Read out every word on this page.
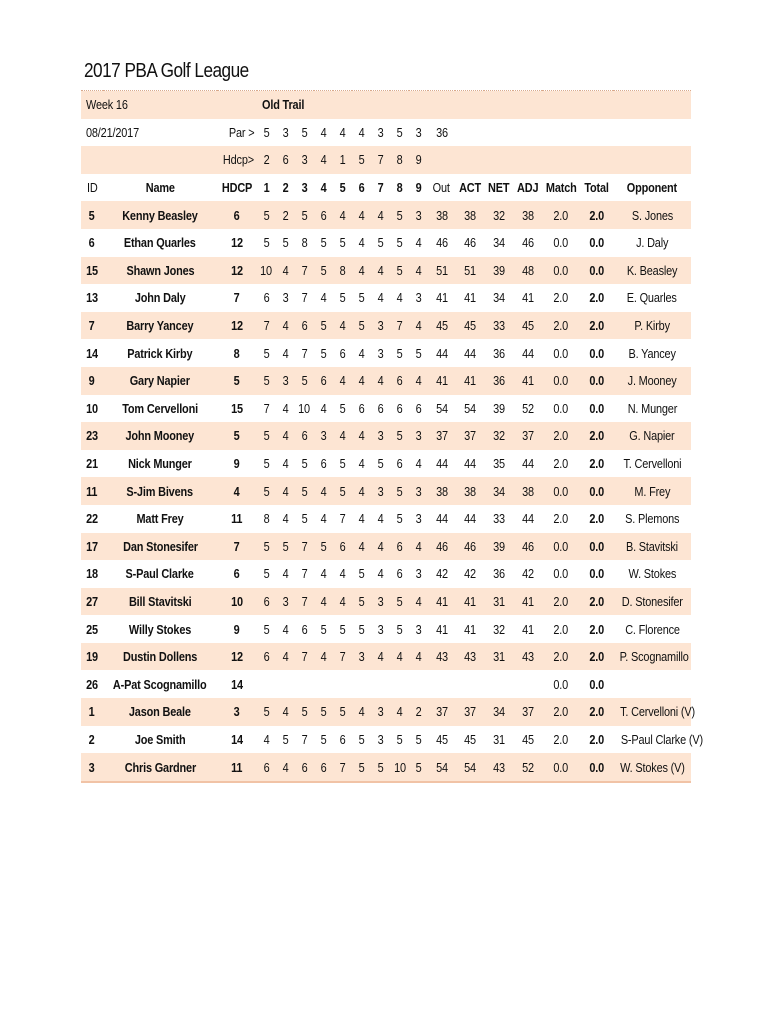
2017 PBA Golf League
Week 16			Old Trail															
08/21/2017		Par >	5	3	5	4	4	4	3	5	3	36						
		Hdcp>	2	6	3	4	1	5	7	8	9							
ID	Name	HDCP	1	2	3	4	5	6	7	8	9	Out	ACT	NET	ADJ	Match	Total	Opponent
5	Kenny Beasley	6	5	2	5	6	4	4	4	5	3	38	38	32	38	2.0	2.0	S. Jones
6	Ethan Quarles	12	5	5	8	5	5	4	5	5	4	46	46	34	46	0.0	0.0	J. Daly
15	Shawn Jones	12	10	4	7	5	8	4	4	5	4	51	51	39	48	0.0	0.0	K. Beasley
13	John Daly	7	6	3	7	4	5	5	4	4	3	41	41	34	41	2.0	2.0	E. Quarles
7	Barry Yancey	12	7	4	6	5	4	5	3	7	4	45	45	33	45	2.0	2.0	P. Kirby
14	Patrick Kirby	8	5	4	7	5	6	4	3	5	5	44	44	36	44	0.0	0.0	B. Yancey
9	Gary Napier	5	5	3	5	6	4	4	4	6	4	41	41	36	41	0.0	0.0	J. Mooney
10	Tom Cervelloni	15	7	4	10	4	5	6	6	6	6	54	54	39	52	0.0	0.0	N. Munger
23	John Mooney	5	5	4	6	3	4	4	3	5	3	37	37	32	37	2.0	2.0	G. Napier
21	Nick Munger	9	5	4	5	6	5	4	5	6	4	44	44	35	44	2.0	2.0	T. Cervelloni
11	S-Jim Bivens	4	5	4	5	4	5	4	3	5	3	38	38	34	38	0.0	0.0	M. Frey
22	Matt Frey	11	8	4	5	4	7	4	4	5	3	44	44	33	44	2.0	2.0	S. Plemons
17	Dan Stonesifer	7	5	5	7	5	6	4	4	6	4	46	46	39	46	0.0	0.0	B. Stavitski
18	S-Paul Clarke	6	5	4	7	4	4	5	4	6	3	42	42	36	42	0.0	0.0	W. Stokes
27	Bill Stavitski	10	6	3	7	4	4	5	3	5	4	41	41	31	41	2.0	2.0	D. Stonesifer
25	Willy Stokes	9	5	4	6	5	5	5	3	5	3	41	41	32	41	2.0	2.0	C. Florence
19	Dustin Dollens	12	6	4	7	4	7	3	4	4	4	43	43	31	43	2.0	2.0	P. Scognamillo
26	A-Pat Scognamillo	14														0.0	0.0	
1	Jason Beale	3	5	4	5	5	5	4	3	4	2	37	37	34	37	2.0	2.0	T. Cervelloni (V)
2	Joe Smith	14	4	5	7	5	6	5	3	5	5	45	45	31	45	2.0	2.0	S-Paul Clarke (V)
3	Chris Gardner	11	6	4	6	6	7	5	5	10	5	54	54	43	52	0.0	0.0	W. Stokes (V)
